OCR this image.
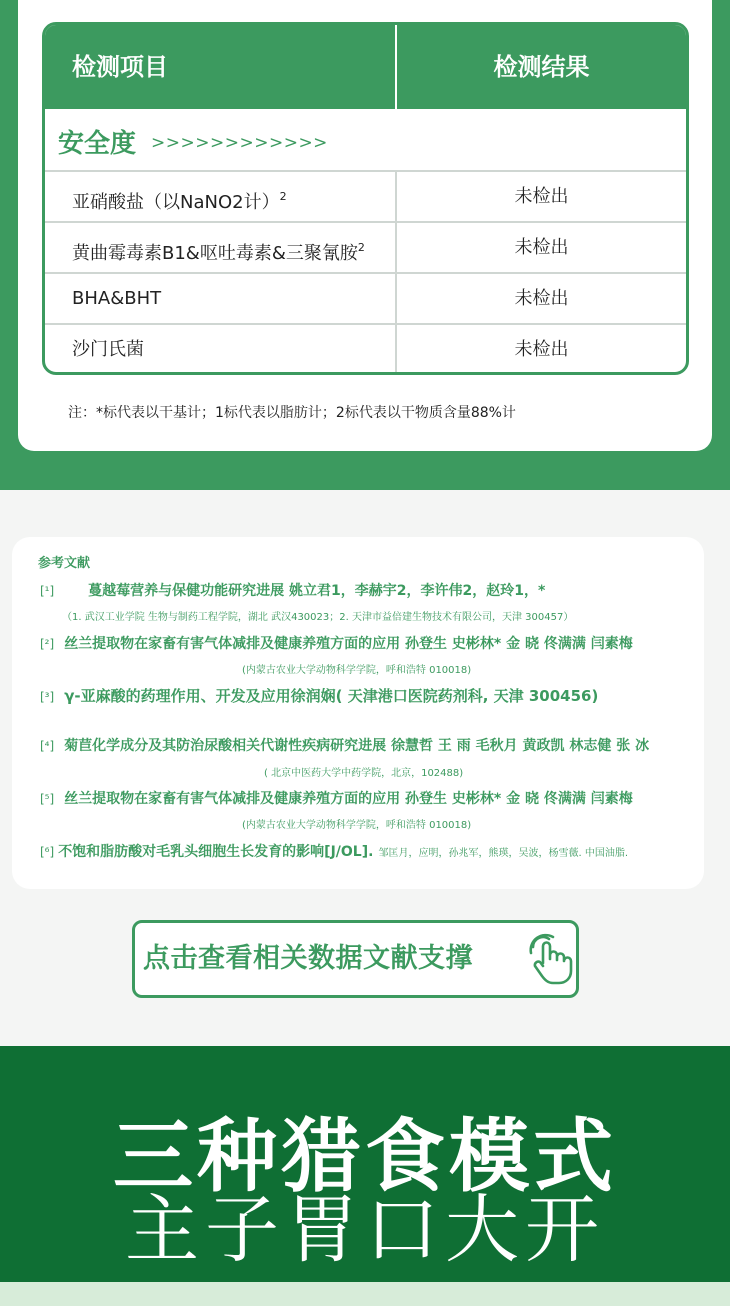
检测项目	检测结果
安全度 >>>>>>>>>>>>
亚硝酸盐（以NaNO2计）$^2$	未检出
黄曲霉毒素B1&呕吐毒素&三聚氰胺$^2$	未检出
BHA&BHT	未检出
沙门氏菌	未检出
注：*标代表以干基计；1标代表以脂肪计；2标代表以干物质含量88%计
参考文献
[¹] 蔓越莓营养与保健功能研究进展 姚立君1，李赫宇2，李许伟2，赵玲1，*
（1. 武汉工业学院 生物与制药工程学院，湖北 武汉430023；2. 天津市益倍建生物技术有限公司，天津 300457）
[²] 丝兰提取物在家畜有害气体减排及健康养殖方面的应用 孙登生 史彬林* 金 晓 佟满满 闫素梅
(内蒙古农业大学动物科学学院，呼和浩特 010018)
[³] γ-亚麻酸的药理作用、开发及应用徐润娴( 天津港口医院药剂科, 天津 300456)
[⁴] 菊苣化学成分及其防治尿酸相关代谢性疾病研究进展 徐慧哲 王 雨 毛秋月 黄政凯 林志健 张 冰
( 北京中医药大学中药学院，北京，102488)
[⁵] 丝兰提取物在家畜有害气体减排及健康养殖方面的应用 孙登生 史彬林* 金 晓 佟满满 闫素梅
(内蒙古农业大学动物科学学院，呼和浩特 010018)
[⁶] 不饱和脂肪酸对毛乳头细胞生长发育的影响[J/OL]. 邹匡月，应明，孙兆军，熊瑛，吴波，杨雪薇. 中国油脂.
点击查看相关数据文献支撑
三种猎食模式
主子胃口大开
